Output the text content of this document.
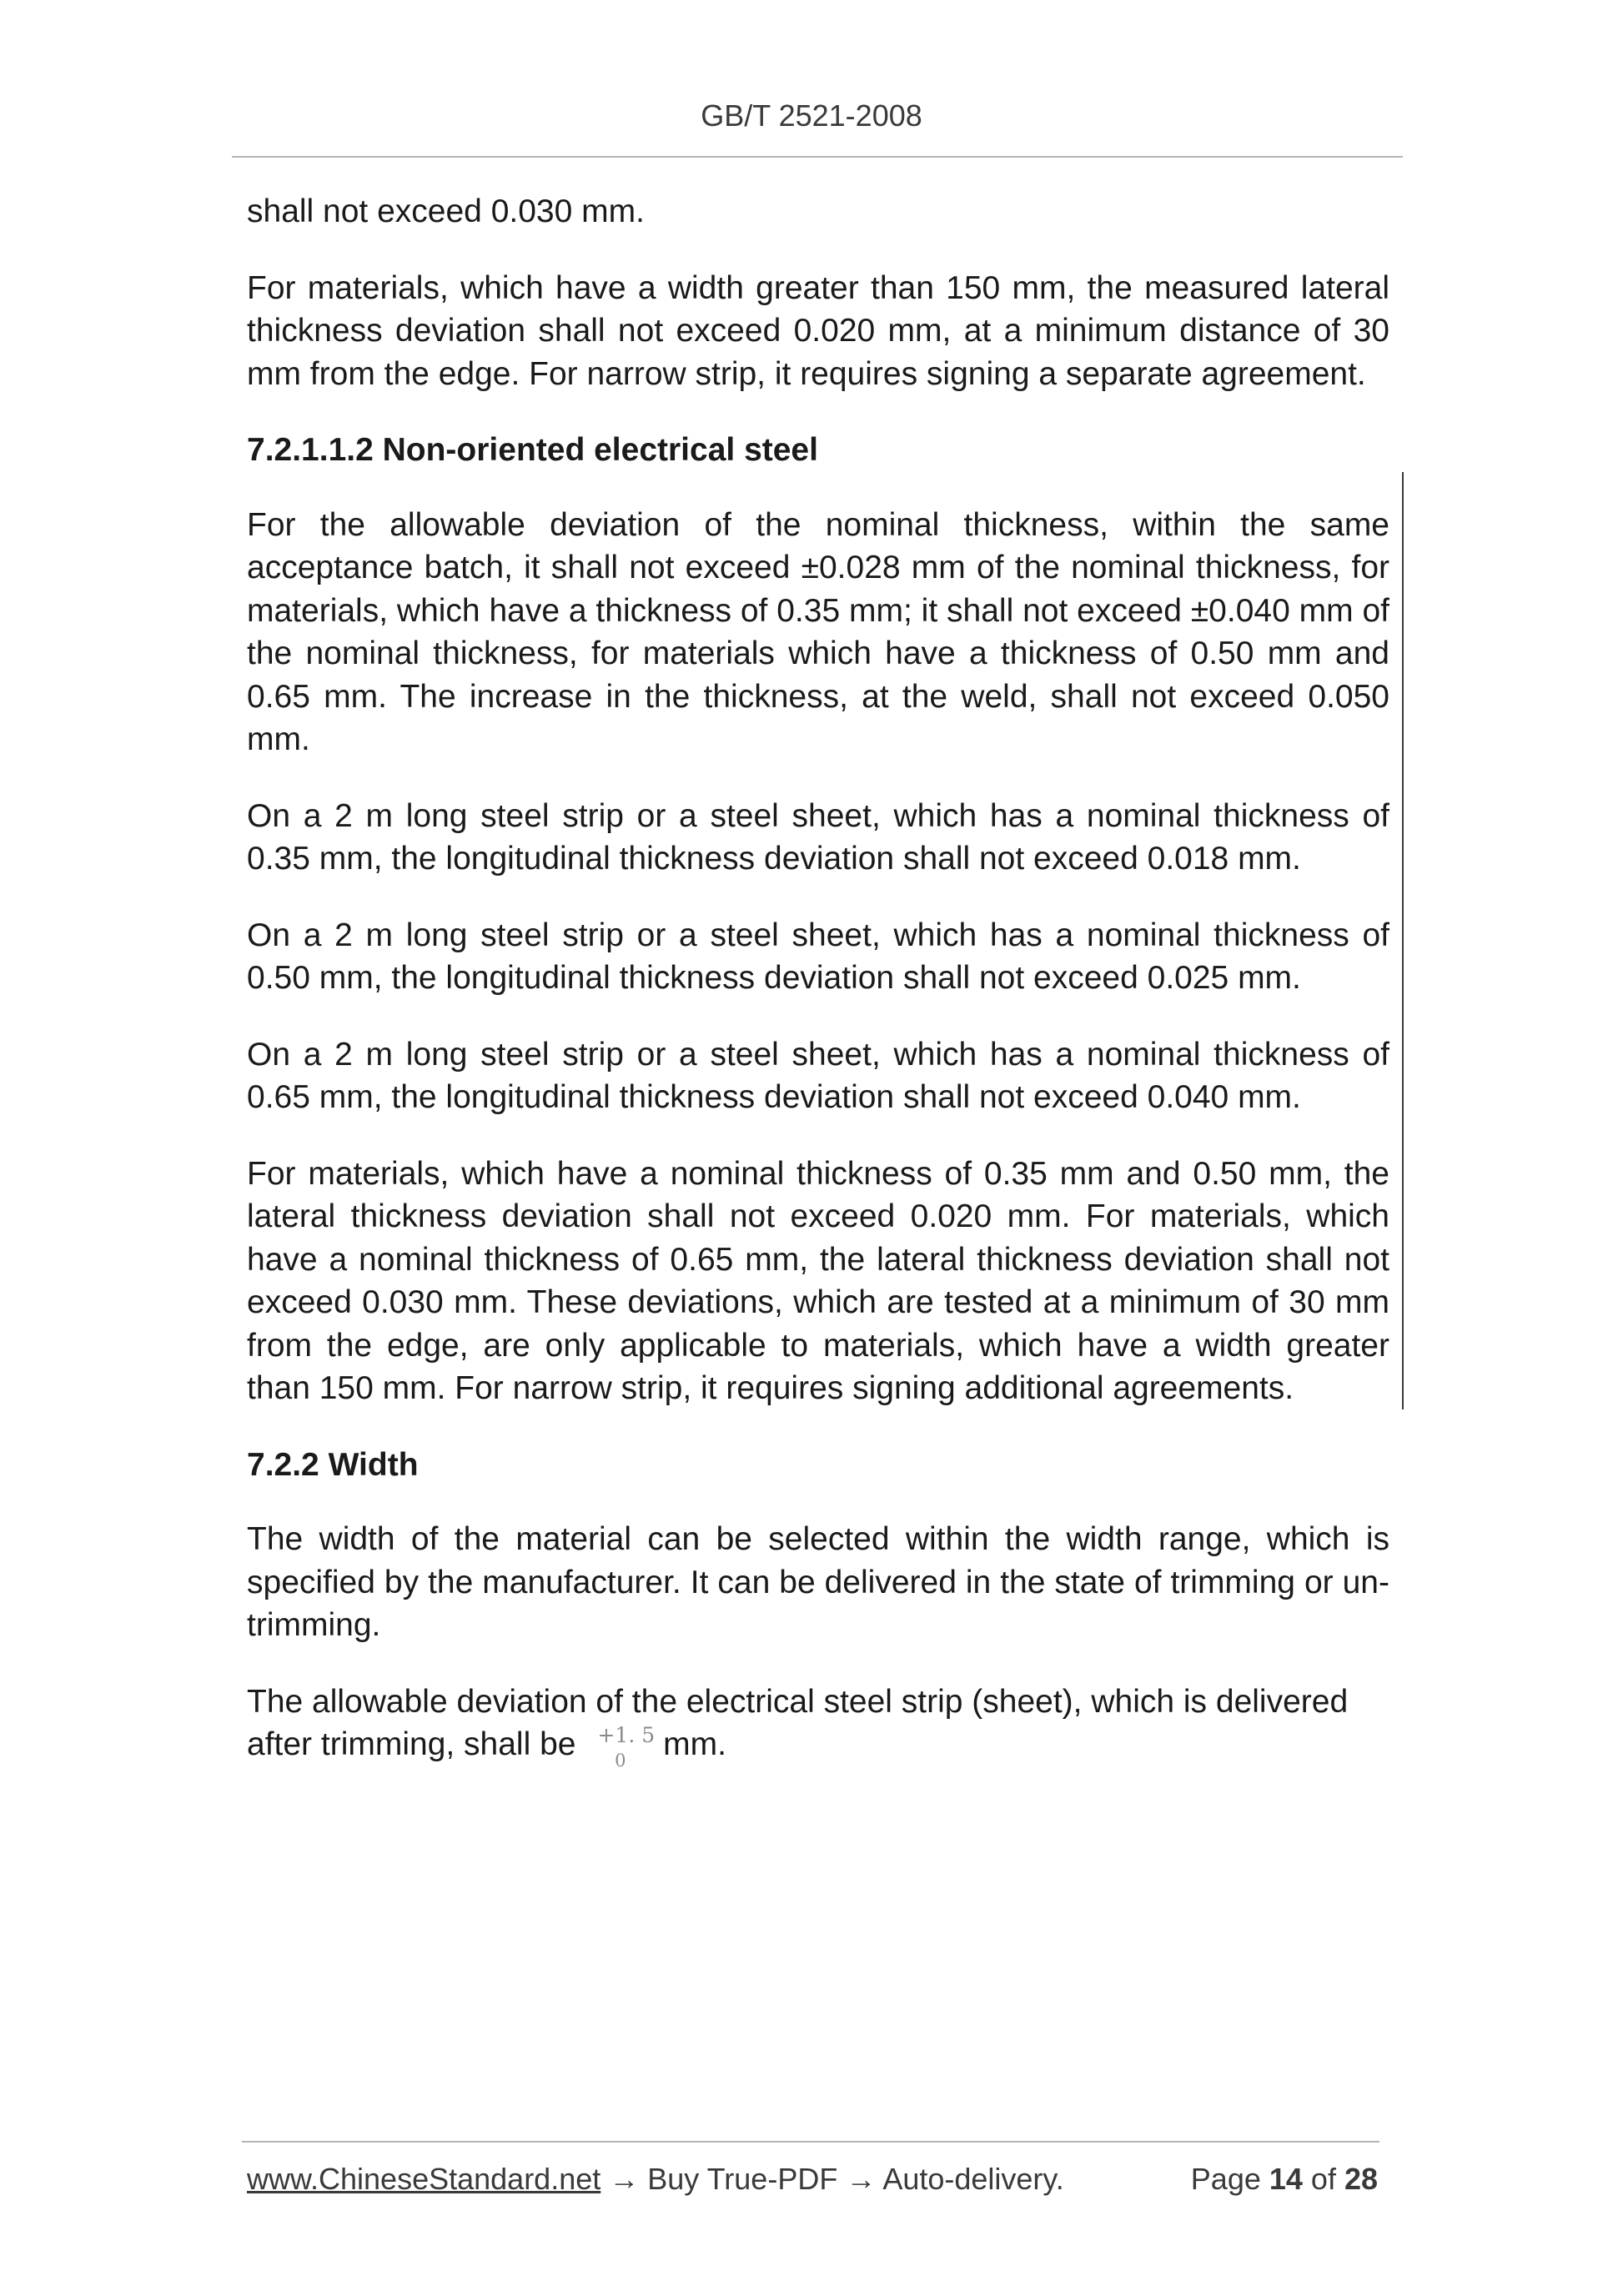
GB/T 2521-2008

shall not exceed 0.030 mm.

For materials, which have a width greater than 150 mm, the measured lateral thickness deviation shall not exceed 0.020 mm, at a minimum distance of 30 mm from the edge. For narrow strip, it requires signing a separate agreement.

7.2.1.1.2 Non-oriented electrical steel

For the allowable deviation of the nominal thickness, within the same acceptance batch, it shall not exceed ±0.028 mm of the nominal thickness, for materials, which have a thickness of 0.35 mm; it shall not exceed ±0.040 mm of the nominal thickness, for materials which have a thickness of 0.50 mm and 0.65 mm. The increase in the thickness, at the weld, shall not exceed 0.050 mm.

On a 2 m long steel strip or a steel sheet, which has a nominal thickness of 0.35 mm, the longitudinal thickness deviation shall not exceed 0.018 mm.

On a 2 m long steel strip or a steel sheet, which has a nominal thickness of 0.50 mm, the longitudinal thickness deviation shall not exceed 0.025 mm.

On a 2 m long steel strip or a steel sheet, which has a nominal thickness of 0.65 mm, the longitudinal thickness deviation shall not exceed 0.040 mm.

For materials, which have a nominal thickness of 0.35 mm and 0.50 mm, the lateral thickness deviation shall not exceed 0.020 mm. For materials, which have a nominal thickness of 0.65 mm, the lateral thickness deviation shall not exceed 0.030 mm. These deviations, which are tested at a minimum of 30 mm from the edge, are only applicable to materials, which have a width greater than 150 mm. For narrow strip, it requires signing additional agreements.

7.2.2 Width

The width of the material can be selected within the width range, which is specified by the manufacturer. It can be delivered in the state of trimming or un-trimming.

The allowable deviation of the electrical steel strip (sheet), which is delivered after trimming, shall be +1. 5
0	mm.

www.ChineseStandard.net → Buy True-PDF → Auto-delivery.	Page 14 of 28
